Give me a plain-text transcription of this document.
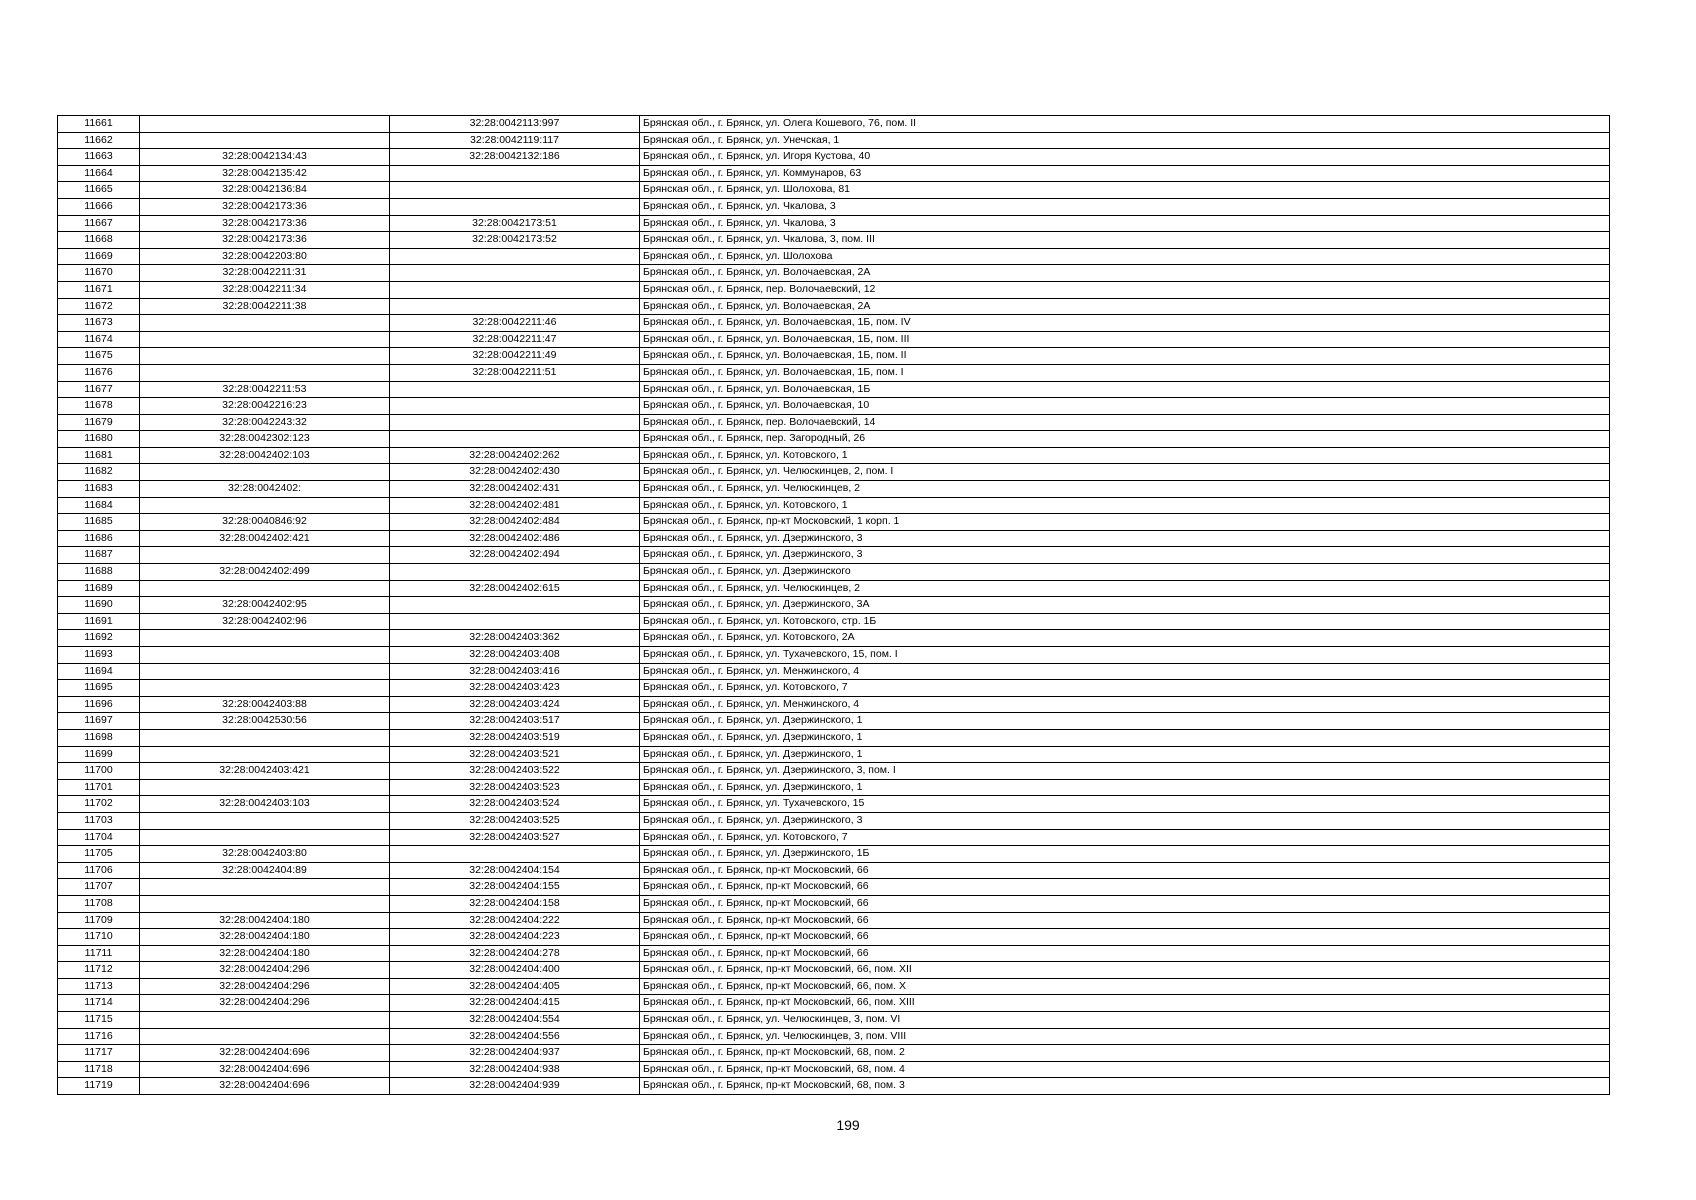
11661		32:28:0042113:997	Брянская обл., г. Брянск, ул. Олега Кошевого, 76, пом. II
11662		32:28:0042119:117	Брянская обл., г. Брянск, ул. Унечская, 1
11663	32:28:0042134:43	32:28:0042132:186	Брянская обл., г. Брянск, ул. Игоря Кустова, 40
11664	32:28:0042135:42		Брянская обл., г. Брянск, ул. Коммунаров, 63
11665	32:28:0042136:84		Брянская обл., г. Брянск, ул. Шолохова, 81
11666	32:28:0042173:36		Брянская обл., г. Брянск, ул. Чкалова, 3
11667	32:28:0042173:36	32:28:0042173:51	Брянская обл., г. Брянск, ул. Чкалова, 3
11668	32:28:0042173:36	32:28:0042173:52	Брянская обл., г. Брянск, ул. Чкалова, 3, пом. III
11669	32:28:0042203:80		Брянская обл., г. Брянск, ул. Шолохова
11670	32:28:0042211:31		Брянская обл., г. Брянск, ул. Волочаевская, 2А
11671	32:28:0042211:34		Брянская обл., г. Брянск, пер. Волочаевский, 12
11672	32:28:0042211:38		Брянская обл., г. Брянск, ул. Волочаевская, 2А
11673		32:28:0042211:46	Брянская обл., г. Брянск, ул. Волочаевская, 1Б, пом. IV
11674		32:28:0042211:47	Брянская обл., г. Брянск, ул. Волочаевская, 1Б, пом. III
11675		32:28:0042211:49	Брянская обл., г. Брянск, ул. Волочаевская, 1Б, пом. II
11676		32:28:0042211:51	Брянская обл., г. Брянск, ул. Волочаевская, 1Б, пом. I
11677	32:28:0042211:53		Брянская обл., г. Брянск, ул. Волочаевская, 1Б
11678	32:28:0042216:23		Брянская обл., г. Брянск, ул. Волочаевская, 10
11679	32:28:0042243:32		Брянская обл., г. Брянск, пер. Волочаевский, 14
11680	32:28:0042302:123		Брянская обл., г. Брянск, пер. Загородный, 26
11681	32:28:0042402:103	32:28:0042402:262	Брянская обл., г. Брянск, ул. Котовского, 1
11682		32:28:0042402:430	Брянская обл., г. Брянск, ул. Челюскинцев, 2, пом. I
11683	32:28:0042402:	32:28:0042402:431	Брянская обл., г. Брянск, ул. Челюскинцев, 2
11684		32:28:0042402:481	Брянская обл., г. Брянск, ул. Котовского, 1
11685	32:28:0040846:92	32:28:0042402:484	Брянская обл., г. Брянск, пр-кт Московский, 1 корп. 1
11686	32:28:0042402:421	32:28:0042402:486	Брянская обл., г. Брянск, ул. Дзержинского, 3
11687		32:28:0042402:494	Брянская обл., г. Брянск, ул. Дзержинского, 3
11688	32:28:0042402:499		Брянская обл., г. Брянск, ул. Дзержинского
11689		32:28:0042402:615	Брянская обл., г. Брянск, ул. Челюскинцев, 2
11690	32:28:0042402:95		Брянская обл., г. Брянск, ул. Дзержинского, 3А
11691	32:28:0042402:96		Брянская обл., г. Брянск, ул. Котовского, стр. 1Б
11692		32:28:0042403:362	Брянская обл., г. Брянск, ул. Котовского, 2А
11693		32:28:0042403:408	Брянская обл., г. Брянск, ул. Тухачевского, 15, пом. I
11694		32:28:0042403:416	Брянская обл., г. Брянск, ул. Менжинского, 4
11695		32:28:0042403:423	Брянская обл., г. Брянск, ул. Котовского, 7
11696	32:28:0042403:88	32:28:0042403:424	Брянская обл., г. Брянск, ул. Менжинского, 4
11697	32:28:0042530:56	32:28:0042403:517	Брянская обл., г. Брянск, ул. Дзержинского, 1
11698		32:28:0042403:519	Брянская обл., г. Брянск, ул. Дзержинского, 1
11699		32:28:0042403:521	Брянская обл., г. Брянск, ул. Дзержинского, 1
11700	32:28:0042403:421	32:28:0042403:522	Брянская обл., г. Брянск, ул. Дзержинского, 3, пом. I
11701		32:28:0042403:523	Брянская обл., г. Брянск, ул. Дзержинского, 1
11702	32:28:0042403:103	32:28:0042403:524	Брянская обл., г. Брянск, ул. Тухачевского, 15
11703		32:28:0042403:525	Брянская обл., г. Брянск, ул. Дзержинского, 3
11704		32:28:0042403:527	Брянская обл., г. Брянск, ул. Котовского, 7
11705	32:28:0042403:80		Брянская обл., г. Брянск, ул. Дзержинского, 1Б
11706	32:28:0042404:89	32:28:0042404:154	Брянская обл., г. Брянск, пр-кт Московский, 66
11707		32:28:0042404:155	Брянская обл., г. Брянск, пр-кт Московский, 66
11708		32:28:0042404:158	Брянская обл., г. Брянск, пр-кт Московский, 66
11709	32:28:0042404:180	32:28:0042404:222	Брянская обл., г. Брянск, пр-кт Московский, 66
11710	32:28:0042404:180	32:28:0042404:223	Брянская обл., г. Брянск, пр-кт Московский, 66
11711	32:28:0042404:180	32:28:0042404:278	Брянская обл., г. Брянск, пр-кт Московский, 66
11712	32:28:0042404:296	32:28:0042404:400	Брянская обл., г. Брянск, пр-кт Московский, 66, пом. XII
11713	32:28:0042404:296	32:28:0042404:405	Брянская обл., г. Брянск, пр-кт Московский, 66, пом. X
11714	32:28:0042404:296	32:28:0042404:415	Брянская обл., г. Брянск, пр-кт Московский, 66, пом. XIII
11715		32:28:0042404:554	Брянская обл., г. Брянск, ул. Челюскинцев, 3, пом. VI
11716		32:28:0042404:556	Брянская обл., г. Брянск, ул. Челюскинцев, 3, пом. VIII
11717	32:28:0042404:696	32:28:0042404:937	Брянская обл., г. Брянск, пр-кт Московский, 68, пом. 2
11718	32:28:0042404:696	32:28:0042404:938	Брянская обл., г. Брянск, пр-кт Московский, 68, пом. 4
11719	32:28:0042404:696	32:28:0042404:939	Брянская обл., г. Брянск, пр-кт Московский, 68, пом. 3
199
